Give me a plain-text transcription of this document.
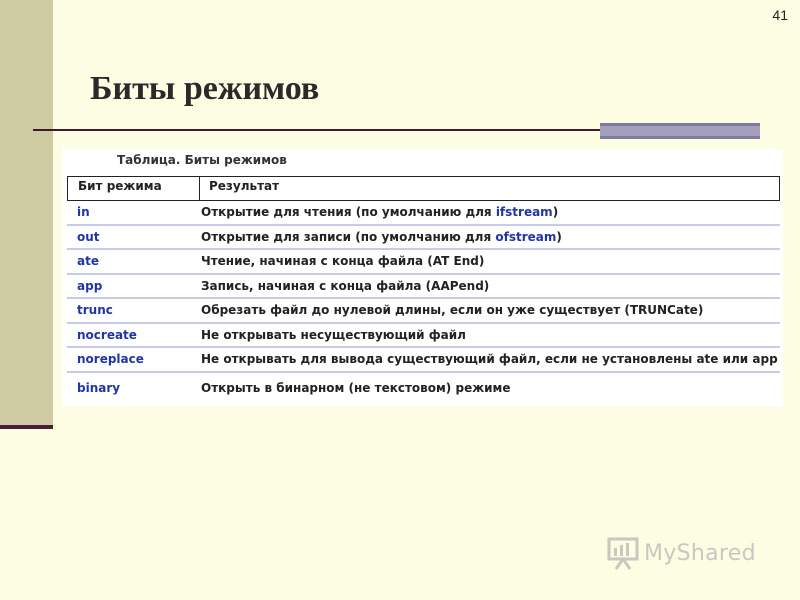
41
Биты режимов
Таблица. Биты режимов
Бит режима	Результат
in	Открытие для чтения (по умолчанию для ifstream)
out	Открытие для записи (по умолчанию для ofstream)
ate	Чтение, начиная с конца файла (AT End)
app	Запись, начиная с конца файла (AAPend)
trunc	Обрезать файл до нулевой длины, если он уже существует (TRUNCate)
nocreate	Не открывать несуществующий файл
noreplace	Не открывать для вывода существующий файл, если не установлены ate или app
binary	Открыть в бинарном (не текстовом) режиме
MyShared
